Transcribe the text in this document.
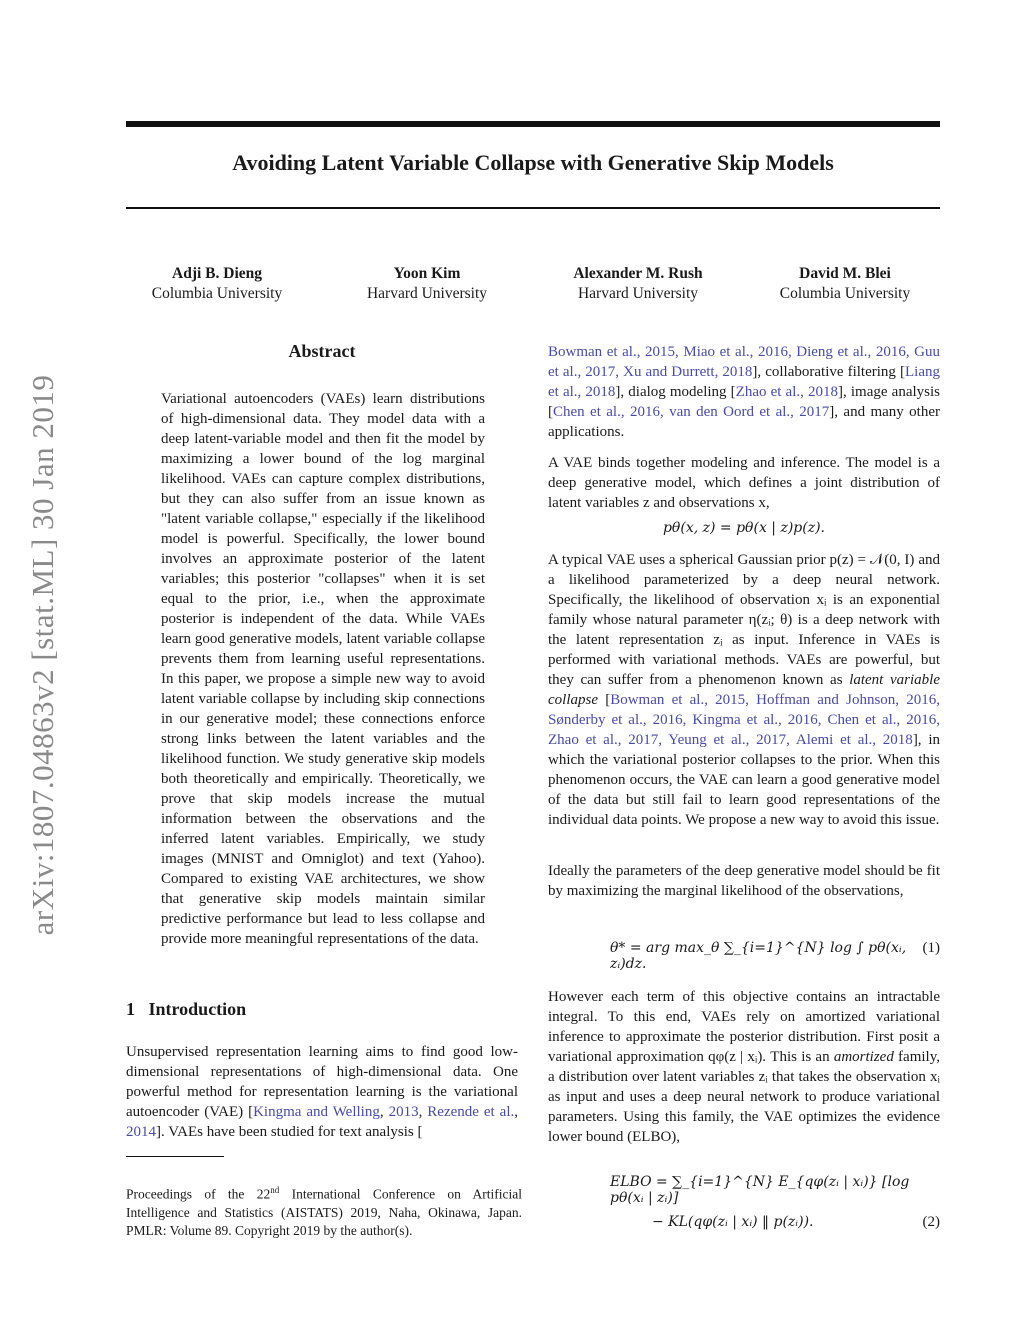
arXiv:1807.04863v2 [stat.ML] 30 Jan 2019
Avoiding Latent Variable Collapse with Generative Skip Models
Adji B. Dieng
Columbia University
Yoon Kim
Harvard University
Alexander M. Rush
Harvard University
David M. Blei
Columbia University
Abstract
Variational autoencoders (VAEs) learn distributions of high-dimensional data. They model data with a deep latent-variable model and then fit the model by maximizing a lower bound of the log marginal likelihood. VAEs can capture complex distributions, but they can also suffer from an issue known as "latent variable collapse," especially if the likelihood model is powerful. Specifically, the lower bound involves an approximate posterior of the latent variables; this posterior "collapses" when it is set equal to the prior, i.e., when the approximate posterior is independent of the data. While VAEs learn good generative models, latent variable collapse prevents them from learning useful representations. In this paper, we propose a simple new way to avoid latent variable collapse by including skip connections in our generative model; these connections enforce strong links between the latent variables and the likelihood function. We study generative skip models both theoretically and empirically. Theoretically, we prove that skip models increase the mutual information between the observations and the inferred latent variables. Empirically, we study images (MNIST and Omniglot) and text (Yahoo). Compared to existing VAE architectures, we show that generative skip models maintain similar predictive performance but lead to less collapse and provide more meaningful representations of the data.
1 Introduction
Unsupervised representation learning aims to find good low-dimensional representations of high-dimensional data. One powerful method for representation learning is the variational autoencoder (VAE) [Kingma and Welling, 2013, Rezende et al., 2014]. VAEs have been studied for text analysis [
Proceedings of the 22nd International Conference on Artificial Intelligence and Statistics (AISTATS) 2019, Naha, Okinawa, Japan. PMLR: Volume 89. Copyright 2019 by the author(s).
Bowman et al., 2015, Miao et al., 2016, Dieng et al., 2016, Guu et al., 2017, Xu and Durrett, 2018], collaborative filtering [Liang et al., 2018], dialog modeling [Zhao et al., 2018], image analysis [Chen et al., 2016, van den Oord et al., 2017], and many other applications.
A VAE binds together modeling and inference. The model is a deep generative model, which defines a joint distribution of latent variables z and observations x,
pθ(x, z) = pθ(x | z)p(z).
A typical VAE uses a spherical Gaussian prior p(z) = 𝒩(0, I) and a likelihood parameterized by a deep neural network. Specifically, the likelihood of observation xᵢ is an exponential family whose natural parameter η(zᵢ; θ) is a deep network with the latent representation zᵢ as input. Inference in VAEs is performed with variational methods. VAEs are powerful, but they can suffer from a phenomenon known as latent variable collapse [Bowman et al., 2015, Hoffman and Johnson, 2016, Sønderby et al., 2016, Kingma et al., 2016, Chen et al., 2016, Zhao et al., 2017, Yeung et al., 2017, Alemi et al., 2018], in which the variational posterior collapses to the prior. When this phenomenon occurs, the VAE can learn a good generative model of the data but still fail to learn good representations of the individual data points. We propose a new way to avoid this issue.
Ideally the parameters of the deep generative model should be fit by maximizing the marginal likelihood of the observations,
θ* = arg max_θ ∑_{i=1}^{N} log ∫ pθ(xᵢ, zᵢ)dz.
(1)
However each term of this objective contains an intractable integral. To this end, VAEs rely on amortized variational inference to approximate the posterior distribution. First posit a variational approximation qφ(z | xᵢ). This is an amortized family, a distribution over latent variables zᵢ that takes the observation xᵢ as input and uses a deep neural network to produce variational parameters. Using this family, the VAE optimizes the evidence lower bound (ELBO),
ELBO = ∑_{i=1}^{N} E_{qφ(zᵢ | xᵢ)} [log pθ(xᵢ | zᵢ)]
− KL(qφ(zᵢ | xᵢ) ‖ p(zᵢ)).	(2)
